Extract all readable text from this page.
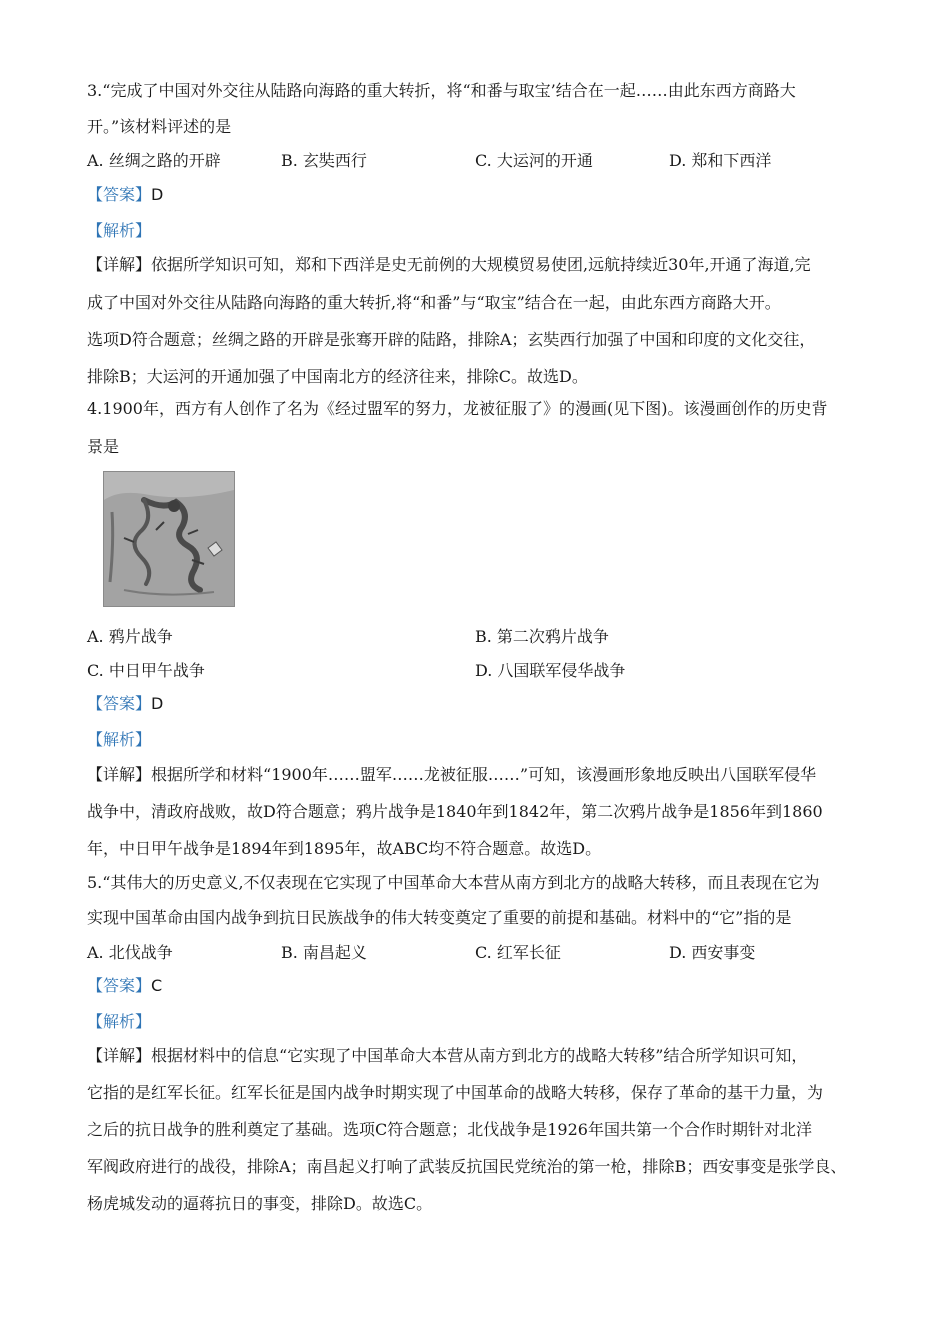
3.“完成了中国对外交往从陆路向海路的重大转折，将“和番与取宝’结合在一起……由此东西方商路大
开。”该材料评述的是
A. 丝绸之路的开辟	B. 玄奘西行	C. 大运河的开通	D. 郑和下西洋
【答案】D
【解析】
【详解】依据所学知识可知，郑和下西洋是史无前例的大规模贸易使团,远航持续近30年,开通了海道,完
成了中国对外交往从陆路向海路的重大转折,将“和番”与“取宝”结合在一起，由此东西方商路大开。
选项D符合题意；丝绸之路的开辟是张骞开辟的陆路，排除A；玄奘西行加强了中国和印度的文化交往，
排除B；大运河的开通加强了中国南北方的经济往来，排除C。故选D。
4.1900年，西方有人创作了名为《经过盟军的努力，龙被征服了》的漫画(见下图)。该漫画创作的历史背
景是
A. 鸦片战争	B. 第二次鸦片战争
C. 中日甲午战争	D. 八国联军侵华战争
【答案】D
【解析】
【详解】根据所学和材料“1900年……盟军……龙被征服……”可知，该漫画形象地反映出八国联军侵华
战争中，清政府战败，故D符合题意；鸦片战争是1840年到1842年，第二次鸦片战争是1856年到1860
年，中日甲午战争是1894年到1895年，故ABC均不符合题意。故选D。
5.“其伟大的历史意义,不仅表现在它实现了中国革命大本营从南方到北方的战略大转移，而且表现在它为
实现中国革命由国内战争到抗日民族战争的伟大转变奠定了重要的前提和基础。材料中的“它”指的是
A. 北伐战争	B. 南昌起义	C. 红军长征	D. 西安事变
【答案】C
【解析】
【详解】根据材料中的信息“它实现了中国革命大本营从南方到北方的战略大转移”结合所学知识可知，
它指的是红军长征。红军长征是国内战争时期实现了中国革命的战略大转移，保存了革命的基干力量，为
之后的抗日战争的胜利奠定了基础。选项C符合题意；北伐战争是1926年国共第一个合作时期针对北洋
军阀政府进行的战役，排除A；南昌起义打响了武装反抗国民党统治的第一枪，排除B；西安事变是张学良、
杨虎城发动的逼蒋抗日的事变，排除D。故选C。
